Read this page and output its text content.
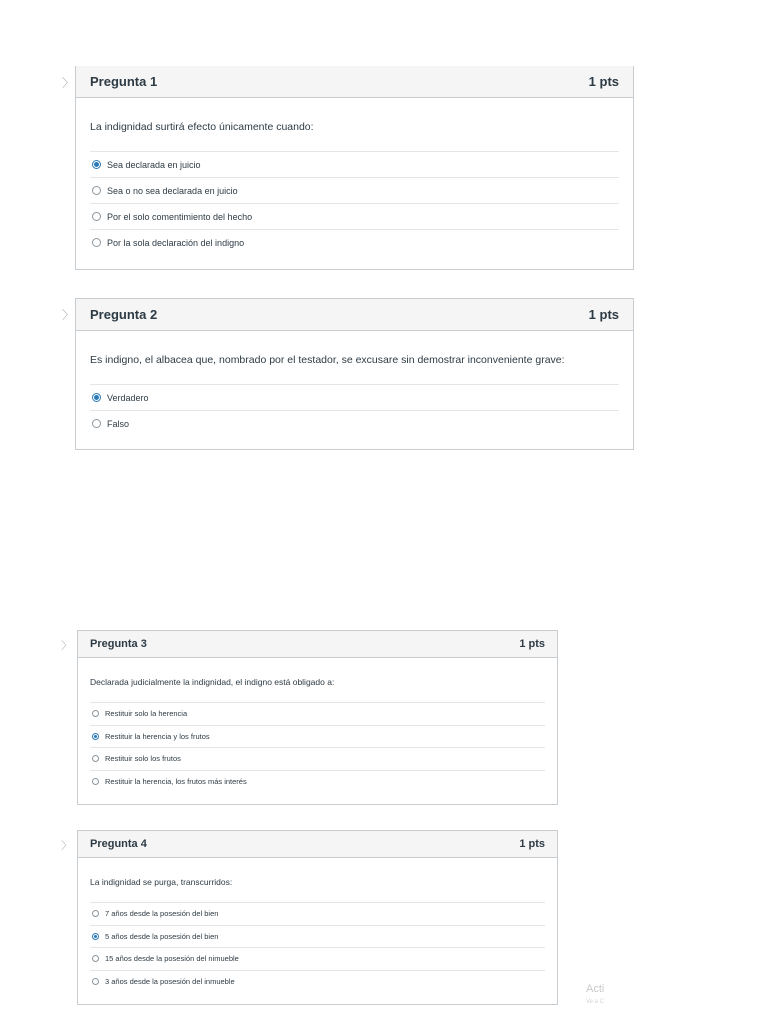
〉 Pregunta 1	1 pts
La indignidad surtirá efecto únicamente cuando:
Sea declarada en juicio
Sea o no sea declarada en juicio
Por el solo comentimiento del hecho
Por la sola declaración del indigno
〉 Pregunta 2	1 pts
Es indigno, el albacea que, nombrado por el testador, se excusare sin demostrar inconveniente grave:
Verdadero
Falso
〉 Pregunta 3	1 pts
Declarada judicialmente la indignidad, el indigno está obligado a:
Restituir solo la herencia
Restituir la herencia y los frutos
Restituir solo los frutos
Restituir la herencia, los frutos más interés
〉 Pregunta 4	1 pts
La indignidad se purga, transcurridos:
7 años desde la posesión del bien
5 años desde la posesión del bien
15 años desde la posesión del nimueble
3 años desde la posesión del inmueble
Acti
Ve a C
